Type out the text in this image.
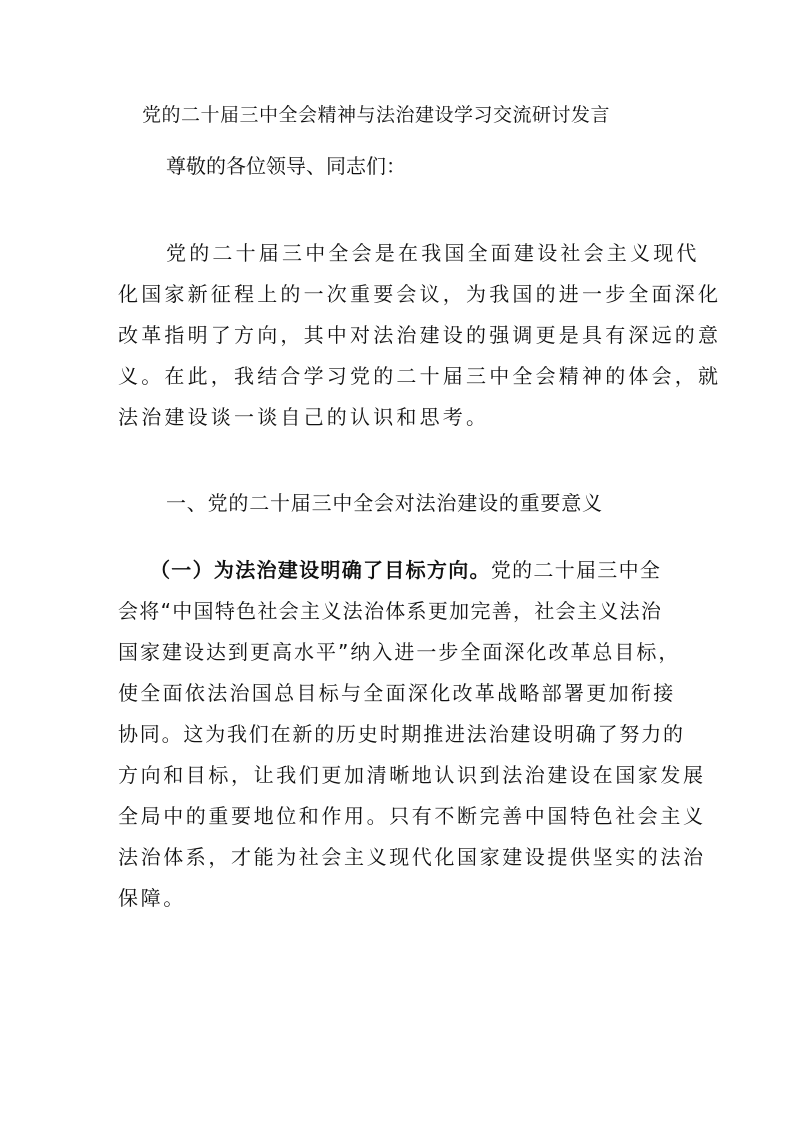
党的二十届三中全会精神与法治建设学习交流研讨发言
尊敬的各位领导、同志们：
党的二十届三中全会是在我国全面建设社会主义现代
化国家新征程上的一次重要会议，为我国的进一步全面深化
改革指明了方向，其中对法治建设的强调更是具有深远的意
义。在此，我结合学习党的二十届三中全会精神的体会，就
法治建设谈一谈自己的认识和思考。
一、党的二十届三中全会对法治建设的重要意义
（一）为法治建设明确了目标方向。党的二十届三中全
会将“中国特色社会主义法治体系更加完善，社会主义法治
国家建设达到更高水平”纳入进一步全面深化改革总目标，
使全面依法治国总目标与全面深化改革战略部署更加衔接
协同。这为我们在新的历史时期推进法治建设明确了努力的
方向和目标，让我们更加清晰地认识到法治建设在国家发展
全局中的重要地位和作用。只有不断完善中国特色社会主义
法治体系，才能为社会主义现代化国家建设提供坚实的法治
保障。
